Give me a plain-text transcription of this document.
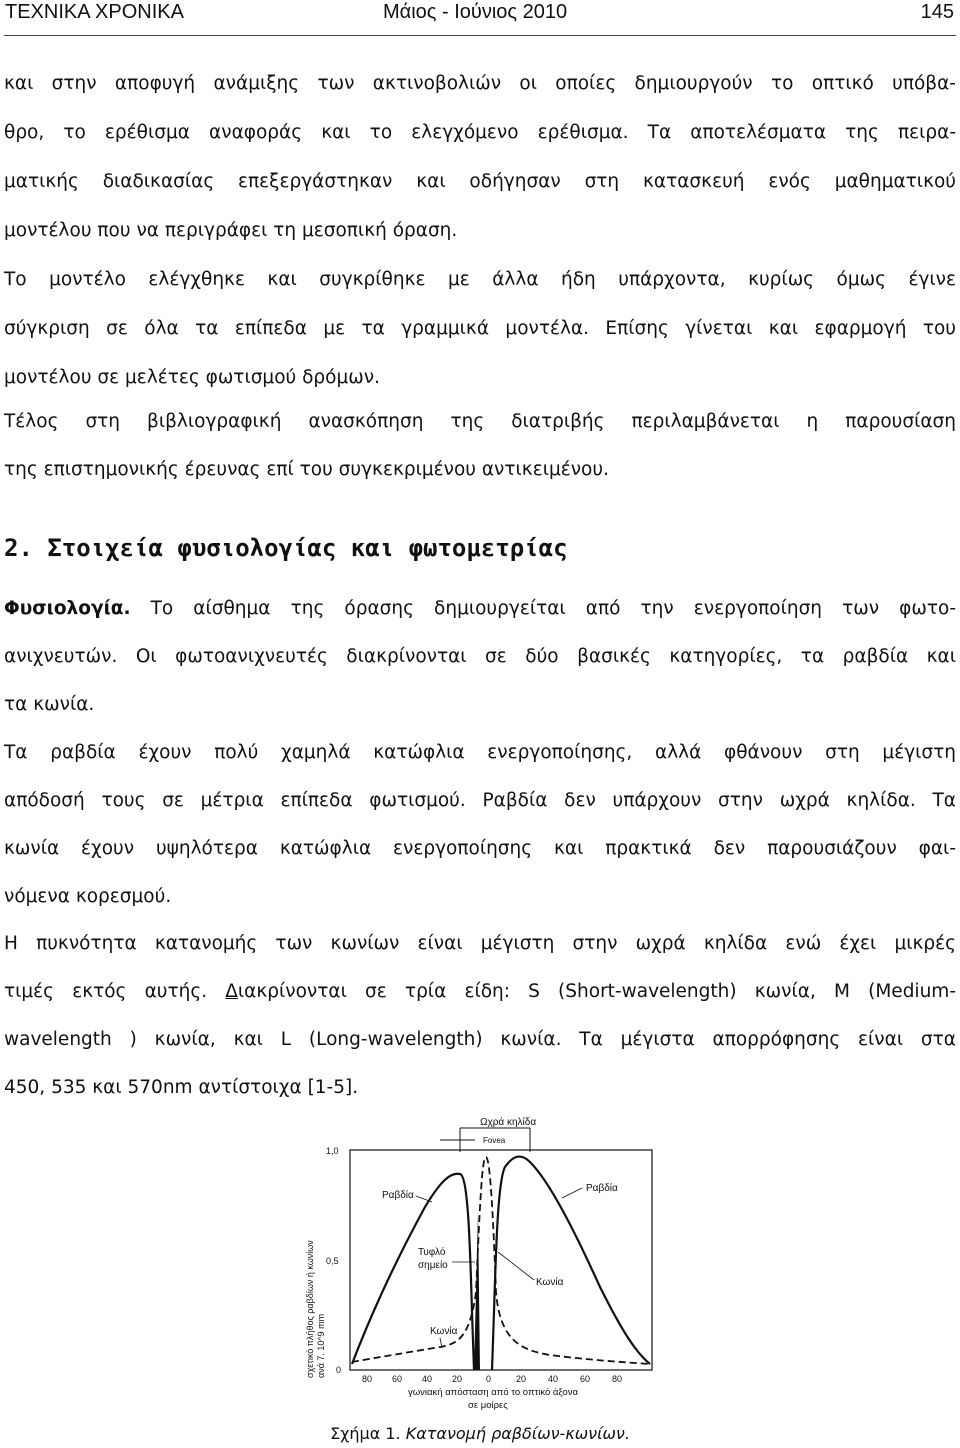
ΤΕΧΝΙΚΑ ΧΡΟΝΙΚΑ	Μάιος - Ιούνιος 2010	145
και στην αποφυγή ανάμιξης των ακτινοβολιών οι οποίες δημιουργούν το οπτικό υπόβα-
θρο, το ερέθισμα αναφοράς και το ελεγχόμενο ερέθισμα. Τα αποτελέσματα της πειρα-
ματικής διαδικασίας επεξεργάστηκαν και οδήγησαν στη κατασκευή ενός μαθηματικού
μοντέλου που να περιγράφει τη μεσοπική όραση.
Το μοντέλο ελέγχθηκε και συγκρίθηκε με άλλα ήδη υπάρχοντα, κυρίως όμως έγινε
σύγκριση σε όλα τα επίπεδα με τα γραμμικά μοντέλα. Επίσης γίνεται και εφαρμογή του
μοντέλου σε μελέτες φωτισμού δρόμων.
Τέλος στη βιβλιογραφική ανασκόπηση της διατριβής περιλαμβάνεται η παρουσίαση
της επιστημονικής έρευνας επί του συγκεκριμένου αντικειμένου.
2. Στοιχεία φυσιολογίας και φωτομετρίας
Φυσιολογία. Το αίσθημα της όρασης δημιουργείται από την ενεργοποίηση των φωτο-
ανιχνευτών. Οι φωτοανιχνευτές διακρίνονται σε δύο βασικές κατηγορίες, τα ραβδία και
τα κωνία.
Τα ραβδία έχουν πολύ χαμηλά κατώφλια ενεργοποίησης, αλλά φθάνουν στη μέγιστη
απόδοσή τους σε μέτρια επίπεδα φωτισμού. Ραβδία δεν υπάρχουν στην ωχρά κηλίδα. Τα
κωνία έχουν υψηλότερα κατώφλια ενεργοποίησης και πρακτικά δεν παρουσιάζουν φαι-
νόμενα κορεσμού.
Η πυκνότητα κατανομής των κωνίων είναι μέγιστη στην ωχρά κηλίδα ενώ έχει μικρές
τιμές εκτός αυτής. Διακρίνονται σε τρία είδη: S (Short-wavelength) κωνία, M (Medium-
wavelength ) κωνία, και L (Long-wavelength) κωνία. Τα μέγιστα απορρόφησης είναι στα
450, 535 και 570nm αντίστοιχα [1-5].
Ωχρά κηλίδα
Fovea
1,0
0,5
0
σχετικό πλήθος ραβδίων ή κωνίων ανά 7. 10^9 mm
Ραβδία
Ραβδία
Τυφλό
σημείο
Κωνία
Κωνία
80 60 40 20	0	20 40 60 80
γωνιακή απόσταση από το οπτικό άξονα
σε μοίρες
Σχήμα 1. Κατανομή ραβδίων-κωνίων.
